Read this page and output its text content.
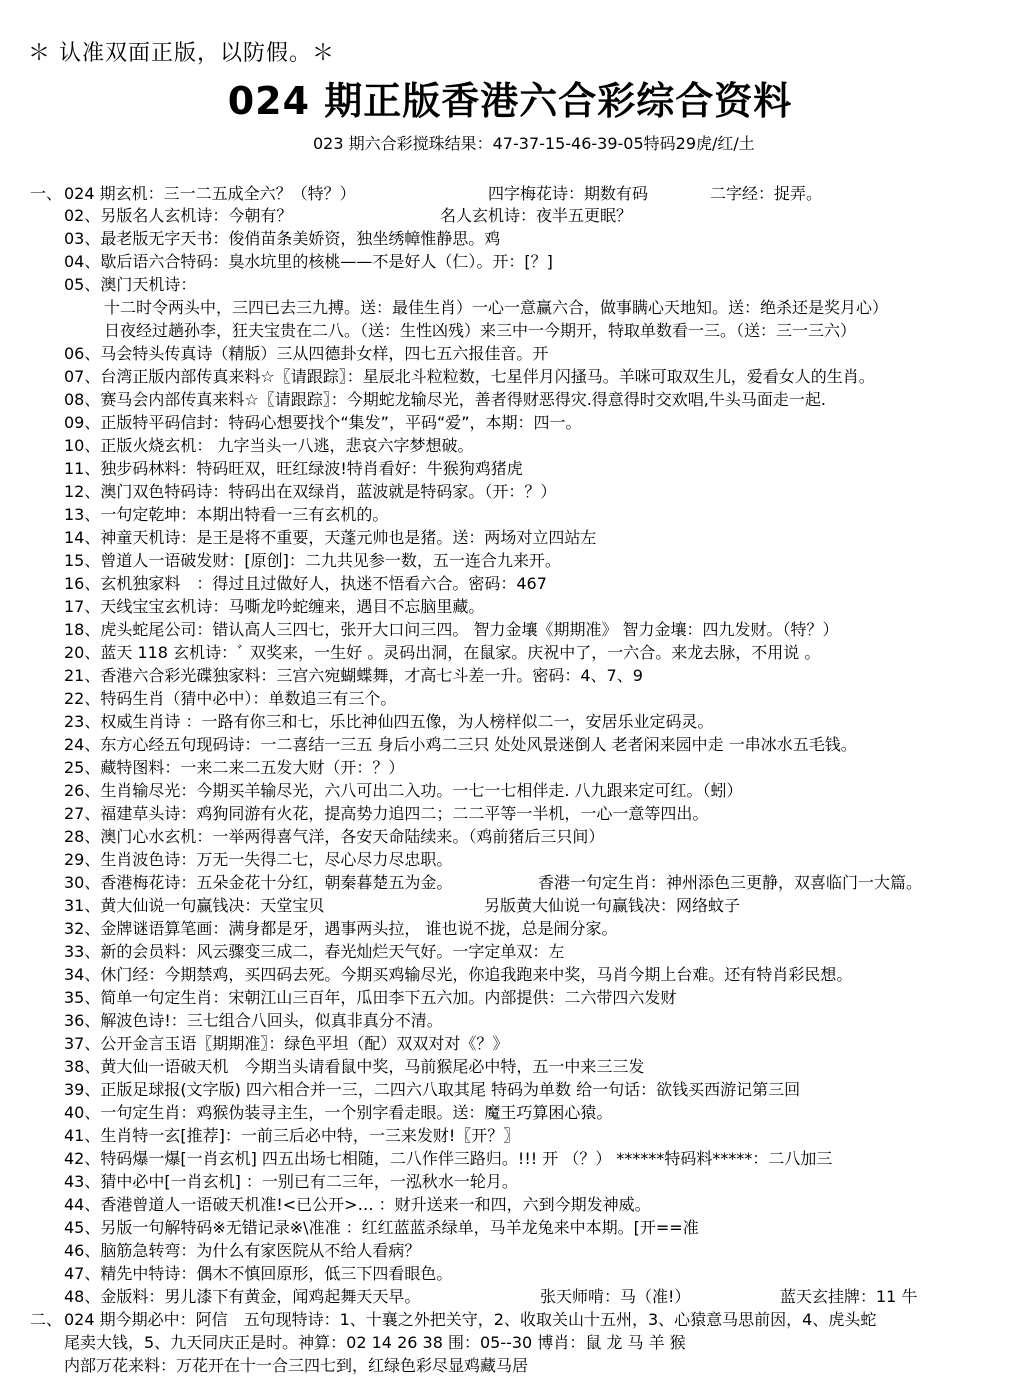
＊ 认准双面正版，以防假。＊
024 期正版香港六合彩综合资料
023 期六合彩搅珠结果：47-37-15-46-39-05特码29虎/红/土
一、 024 期玄机：三一二五成全六？（特？）	四字梅花诗：期数有码	二字经：捉弄。
02、另版名人玄机诗：今朝有？	名人玄机诗：夜半五更眠？
03、最老版无字天书：俊俏苗条美娇资，独坐绣幛惟静思。鸡
04、歇后语六合特码：臭水坑里的核桃——不是好人（仁）。开：[？]
05、澳门天机诗：
十二时令两头中，三四已去三九搏。送：最佳生肖）一心一意赢六合，做事瞒心天地知。送：绝杀还是奖月心）
日夜经过趟孙李，狂夫宝贵在二八。（送：生性凶残）来三中一今期开，特取单数看一三。（送：三一三六）
06、马会特头传真诗（精版）三从四德卦女样，四七五六报佳音。开
07、台湾正版内部传真来料☆〖请跟踪〗：星辰北斗粒粒数，七星伴月闪搔马。羊咪可取双生儿，爱看女人的生肖。
08、赛马会内部传真来料☆〖请跟踪〗：今期蛇龙输尽光，善者得财恶得灾.得意得时交欢唱,牛头马面走一起.
09、正版特平码信封：特码心想要找个“集发”，平码“爱”，本期：四一。
10、正版火烧玄机： 九字当头一八逃，悲哀六字梦想破。
11、独步码林料：特码旺双，旺红绿波!特肖看好：牛猴狗鸡猪虎
12、澳门双色特码诗：特码出在双绿肖，蓝波就是特码家。（开：？）
13、一句定乾坤：本期出特看一三有玄机的。
14、神童天机诗：是王是将不重要，天蓬元帅也是猪。送：两场对立四站左
15、曾道人一语破发财：[原创]：二九共见参一数，五一连合九来开。
16、玄机独家料　：得过且过做好人，执迷不悟看六合。密码：467
17、天线宝宝玄机诗：马嘶龙吟蛇缠来，遇目不忘脑里藏。
18、虎头蛇尾公司：错认高人三四七，张开大口问三四。 智力金壤《期期准》 智力金壤：四九发财。（特？）
20、蓝天 118 玄机诗：ﾞ 双奖来，一生好 。灵码出洞，在鼠家。庆祝中了，一六合。来龙去脉，不用说 。
21、香港六合彩光碟独家料：三宫六宛蝴蝶舞，才高七斗差一升。密码：4、7、9
22、特码生肖（猜中必中）：单数追三有三个。
23、权威生肖诗 ：一路有你三和七，乐比神仙四五像，为人榜样似二一，安居乐业定码灵。
24、东方心经五句现码诗：一二喜结一三五 身后小鸡二三只 处处风景迷倒人 老者闲来园中走 一串冰水五毛钱。
25、藏特图料：一来二来二五发大财（开：？）
26、生肖输尽光：今期买羊输尽光，六八可出二入功。一七一七相伴走. 八九跟来定可红。（蚓）
27、福建草头诗：鸡狗同游有火花，提高势力追四二；二二平等一半机，一心一意等四出。
28、澳门心水玄机：一举两得喜气洋，各安天命陆续来。（鸡前猪后三只间）
29、生肖波色诗：万无一失得二七，尽心尽力尽忠职。
30、香港梅花诗：五朵金花十分红，朝秦暮楚五为金。	香港一句定生肖：神州添色三更静，双喜临门一大篇。
31、黄大仙说一句赢钱决：天堂宝贝	另版黄大仙说一句赢钱决：网络蚊子
32、金牌谜语算笔画：满身都是牙，遇事两头拉， 谁也说不拢，总是闹分家。
33、新的会员料：风云骤变三成二，春光灿烂天气好。一字定单双：左
34、休门经：今期禁鸡，买四码去死。今期买鸡输尽光，你追我跑来中奖，马肖今期上台难。还有特肖彩民想。
35、简单一句定生肖：宋朝江山三百年，瓜田李下五六加。内部提供：二六带四六发财
36、解波色诗!：三七组合八回头，似真非真分不清。
37、公开金言玉语〖期期准〗：绿色平坦（配）双双对对《？》
38、黄大仙一语破天机　今期当头请看鼠中奖，马前猴尾必中特，五一中来三三发
39、正版足球报(文字版) 四六相合并一三，二四六八取其尾 特码为单数 给一句话：欲钱买西游记第三回
40、一句定生肖：鸡猴伪装寻主生，一个别字看走眼。送：魔王巧算困心猿。
41、生肖特一玄[推荐]：一前三后必中特，一三来发财!〖开？〗
42、特码爆一爆[一肖玄机] 四五出场七相随，二八作伴三路归。!!! 开 （？） ******特码料*****：二八加三
43、猜中必中[一肖玄机] ：一别已有二三年，一泓秋水一轮月。
44、香港曾道人一语破天机准!<已公开>… ：财升送来一和四，六到今期发神威。
45、另版一句解特码※无错记录※\准准 ：红红蓝蓝杀绿单，马羊龙兔来中本期。[开==准
46、脑筋急转弯：为什么有家医院从不给人看病？
47、精先中特诗：偶木不慎回原形，低三下四看眼色。
48、金版料：男儿漆下有黄金，闻鸡起舞天天早。	张天师啃：马（准!）	蓝天玄挂牌：11 牛
二、 024 期今期必中：阿信　五句现特诗：1、十襄之外把关守，2、收取关山十五州，3、心猿意马思前因，4、虎头蛇
尾卖大钱，5、九天同庆正是时。神算：02 14 26 38 围：05--30 博肖：鼠 龙 马 羊 猴
内部万花来料：万花开在十一合三四七到，红绿色彩尽显鸡藏马居
